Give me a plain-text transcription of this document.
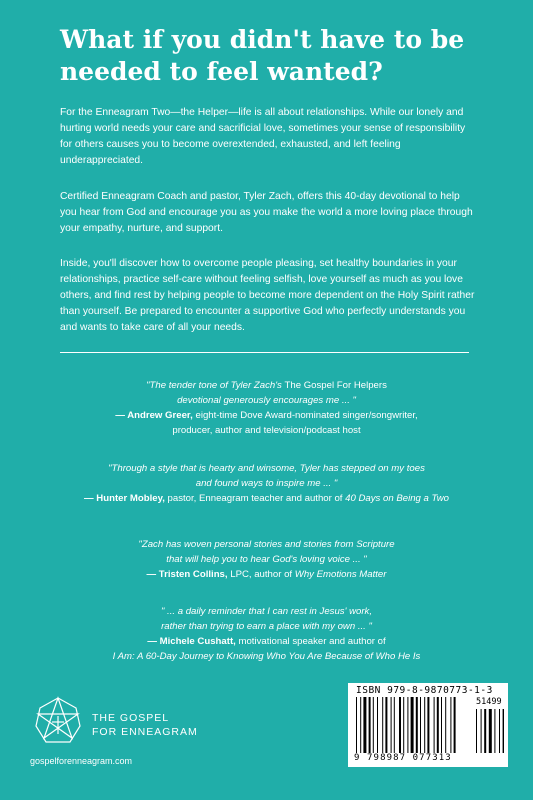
What if you didn't have to be needed to feel wanted?

For the Enneagram Two—the Helper—life is all about relationships. While our lonely and hurting world needs your care and sacrificial love, sometimes your sense of responsibility for others causes you to become overextended, exhausted, and left feeling underappreciated.

Certified Enneagram Coach and pastor, Tyler Zach, offers this 40-day devotional to help you hear from God and encourage you as you make the world a more loving place through your empathy, nurture, and support.

Inside, you'll discover how to overcome people pleasing, set healthy boundaries in your relationships, practice self-care without feeling selfish, love yourself as much as you love others, and find rest by helping people to become more dependent on the Holy Spirit rather than yourself. Be prepared to encounter a supportive God who perfectly understands you and wants to take care of all your needs.

"The tender tone of Tyler Zach's The Gospel For Helpers
devotional generously encourages me ... "
— Andrew Greer, eight-time Dove Award-nominated singer/songwriter,
producer, author and television/podcast host

"Through a style that is hearty and winsome, Tyler has stepped on my toes
and found ways to inspire me ... "
— Hunter Mobley, pastor, Enneagram teacher and author of 40 Days on Being a Two

"Zach has woven personal stories and stories from Scripture
that will help you to hear God's loving voice ... "
— Tristen Collins, LPC, author of Why Emotions Matter

" ... a daily reminder that I can rest in Jesus' work,
rather than trying to earn a place with my own ... "
— Michele Cushatt, motivational speaker and author of
I Am: A 60-Day Journey to Knowing Who You Are Because of Who He Is

THE GOSPEL
FOR ENNEAGRAM

gospelforenneagram.com

ISBN 979-8-9870773-1-3
51499
9 798987 077313
